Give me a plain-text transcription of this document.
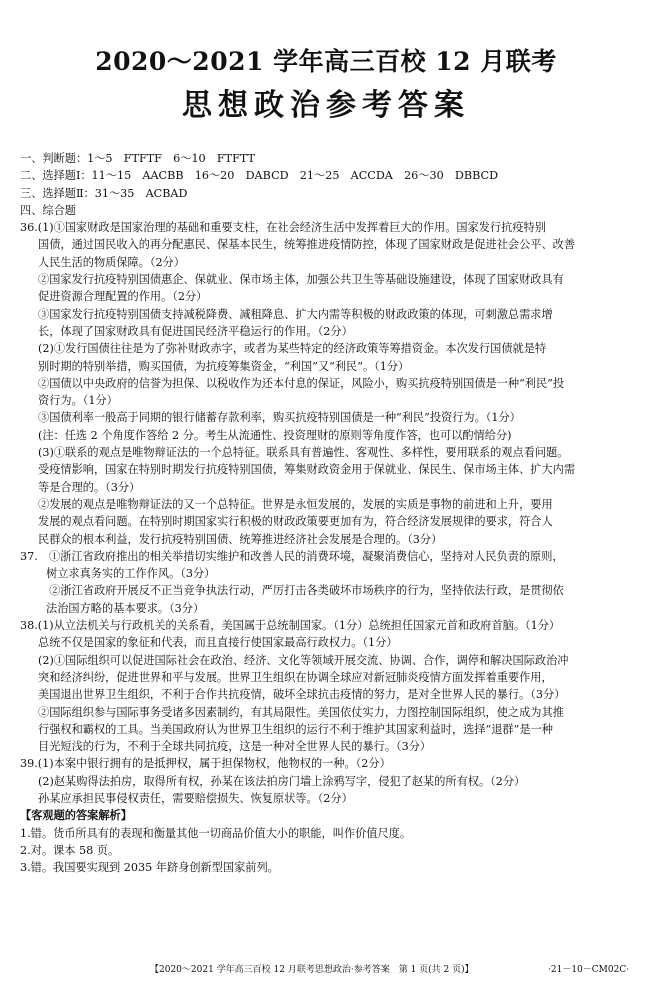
2020～2021 学年高三百校 12 月联考
思想政治参考答案
一、判断题：1～5　FTFTF　6～10　FTFTT
二、选择题Ⅰ：11～15　AACBB　16～20　DABCD　21～25　ACCDA　26～30　DBBCD
三、选择题Ⅱ：31～35　ACBAD
四、综合题
36.(1)①国家财政是国家治理的基础和重要支柱，在社会经济生活中发挥着巨大的作用。国家发行抗疫特别
国债，通过国民收入的再分配惠民、保基本民生，统筹推进疫情防控，体现了国家财政是促进社会公平、改善
人民生活的物质保障。（2分）
②国家发行抗疫特别国债惠企、保就业、保市场主体，加强公共卫生等基础设施建设，体现了国家财政具有
促进资源合理配置的作用。（2分）
③国家发行抗疫特别国债支持减税降费、减租降息、扩大内需等积极的财政政策的体现，可刺激总需求增
长，体现了国家财政具有促进国民经济平稳运行的作用。（2分）
(2)①发行国债往往是为了弥补财政赤字，或者为某些特定的经济政策等筹措资金。本次发行国债就是特
别时期的特别举措，购买国债，为抗疫筹集资金，“利国”又“利民”。（1分）
②国债以中央政府的信誉为担保、以税收作为还本付息的保证，风险小，购买抗疫特别国债是一种“利民”投
资行为。（1分）
③国债利率一般高于同期的银行储蓄存款利率，购买抗疫特别国债是一种“利民”投资行为。（1分）
(注：任选 2 个角度作答给 2 分。考生从流通性、投资理财的原则等角度作答，也可以酌情给分)
(3)①联系的观点是唯物辩证法的一个总特征。联系具有普遍性、客观性、多样性，要用联系的观点看问题。
受疫情影响，国家在特别时期发行抗疫特别国债，筹集财政资金用于保就业、保民生、保市场主体、扩大内需
等是合理的。（3分）
②发展的观点是唯物辩证法的又一个总特征。世界是永恒发展的，发展的实质是事物的前进和上升，要用
发展的观点看问题。在特别时期国家实行积极的财政政策要更加有为，符合经济发展规律的要求，符合人
民群众的根本利益，发行抗疫特别国债、统筹推进经济社会发展是合理的。（3分）
37.　①浙江省政府推出的相关举措切实维护和改善人民的消费环境，凝聚消费信心，坚持对人民负责的原则，
树立求真务实的工作作风。（3分）
　②浙江省政府开展反不正当竞争执法行动，严厉打击各类破坏市场秩序的行为，坚持依法行政，是贯彻依
法治国方略的基本要求。（3分）
38.(1)从立法机关与行政机关的关系看，美国属于总统制国家。（1分）总统担任国家元首和政府首脑。（1分）
总统不仅是国家的象征和代表，而且直接行使国家最高行政权力。（1分）
(2)①国际组织可以促进国际社会在政治、经济、文化等领域开展交流、协调、合作，调停和解决国际政治冲
突和经济纠纷，促进世界和平与发展。世界卫生组织在协调全球应对新冠肺炎疫情方面发挥着重要作用，
美国退出世界卫生组织，不利于合作共抗疫情，破坏全球抗击疫情的努力，是对全世界人民的暴行。（3分）
②国际组织参与国际事务受诸多因素制约，有其局限性。美国依仗实力，力图控制国际组织，使之成为其推
行强权和霸权的工具。当美国政府认为世界卫生组织的运行不利于维护其国家利益时，选择“退群”是一种
目光短浅的行为，不利于全球共同抗疫，这是一种对全世界人民的暴行。（3分）
39.(1)本案中银行拥有的是抵押权，属于担保物权，他物权的一种。（2分）
(2)赵某购得法拍房，取得所有权，孙某在该法拍房门墙上涂鸦写字，侵犯了赵某的所有权。（2分）
孙某应承担民事侵权责任，需要赔偿损失、恢复原状等。（2分）
【客观题的答案解析】
1.错。货币所具有的表现和衡量其他一切商品价值大小的职能，叫作价值尺度。
2.对。课本 58 页。
3.错。我国要实现到 2035 年跻身创新型国家前列。
【2020～2021 学年高三百校 12 月联考思想政治·参考答案　第 1 页(共 2 页)】	·21－10－CM02C·
